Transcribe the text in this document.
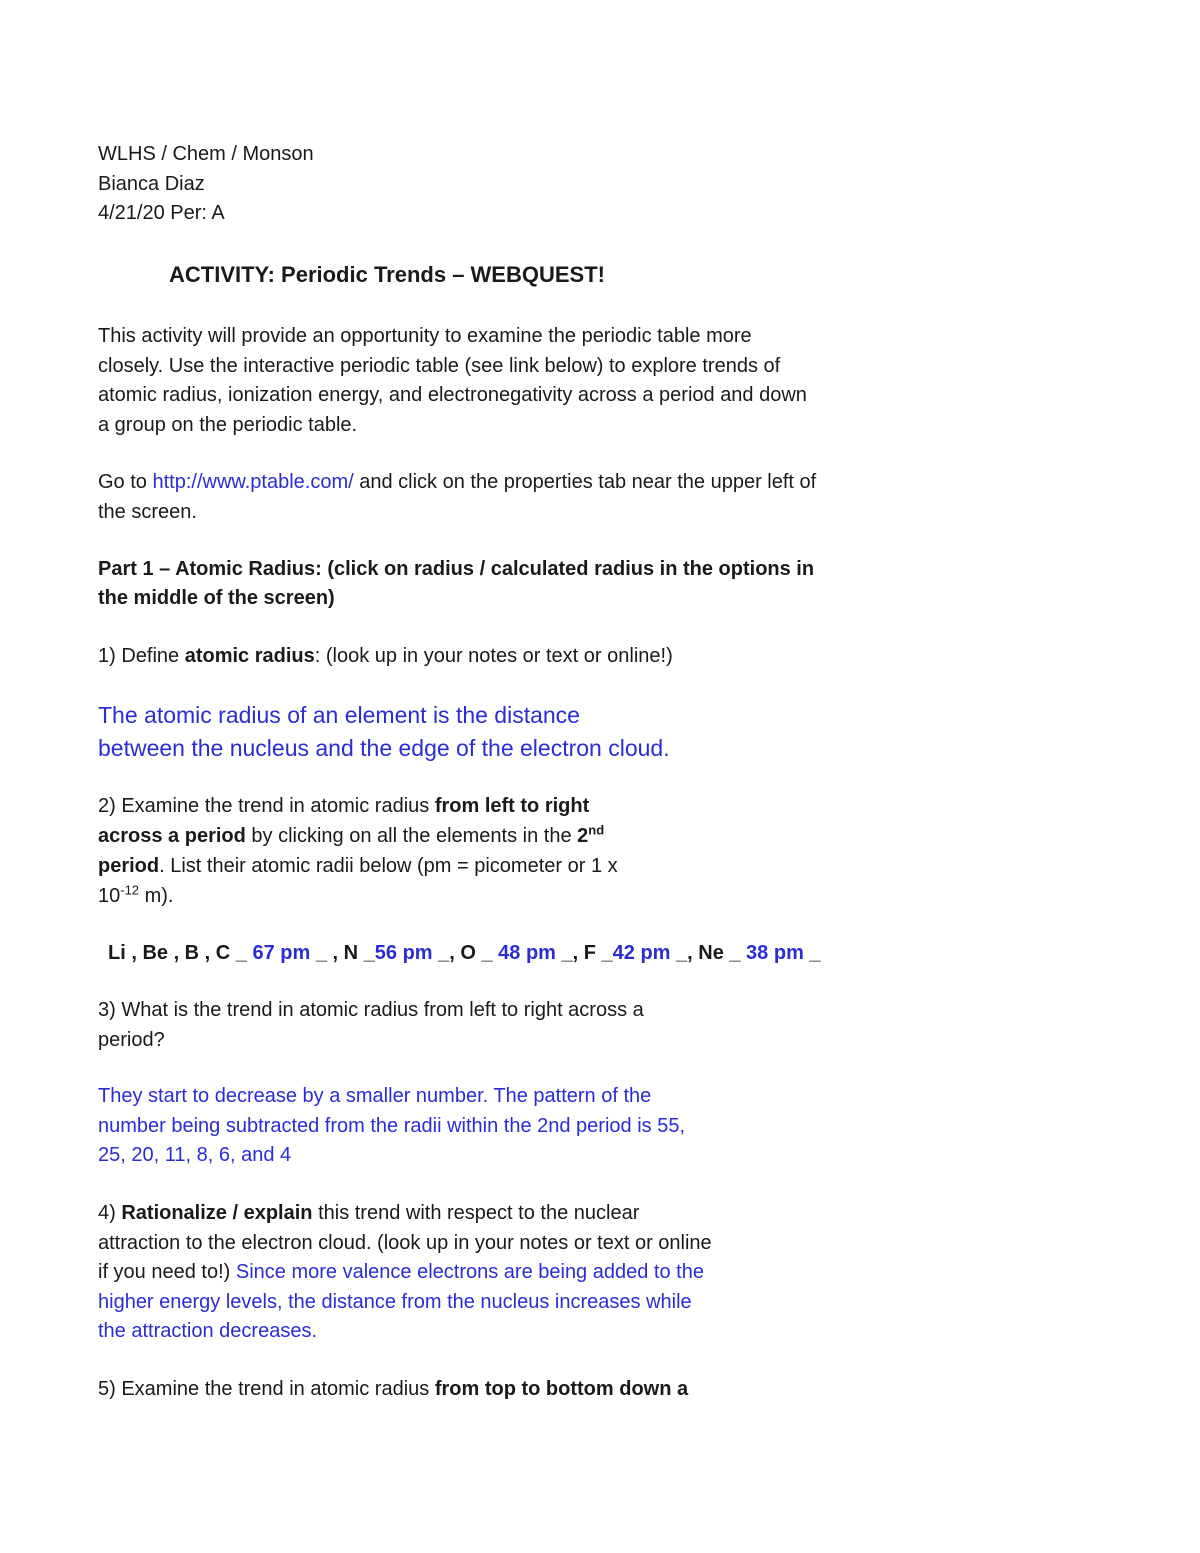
WLHS / Chem / Monson
Bianca Diaz
4/21/20 Per: A
ACTIVITY: Periodic Trends – WEBQUEST!
This activity will provide an opportunity to examine the periodic table more
closely. Use the interactive periodic table (see link below) to explore trends of
atomic radius, ionization energy, and electronegativity across a period and down
a group on the periodic table.
Go to http://www.ptable.com/ and click on the properties tab near the upper left of
the screen.
Part 1 – Atomic Radius: (click on radius / calculated radius in the options in
the middle of the screen)
1) Define atomic radius: (look up in your notes or text or online!)
The atomic radius of an element is the distance
between the nucleus and the edge of the electron cloud.
2) Examine the trend in atomic radius from left to right
across a period by clicking on all the elements in the 2nd
period. List their atomic radii below (pm = picometer or 1 x
$10^{-12}$ m).
Li , Be , B , C _ 67 pm _ , N _56 pm _, O _ 48 pm _, F _42 pm _, Ne _ 38 pm _
3) What is the trend in atomic radius from left to right across a
period?
They start to decrease by a smaller number. The pattern of the
number being subtracted from the radii within the 2nd period is 55,
25, 20, 11, 8, 6, and 4
4) Rationalize / explain this trend with respect to the nuclear
attraction to the electron cloud. (look up in your notes or text or online
if you need to!) Since more valence electrons are being added to the
higher energy levels, the distance from the nucleus increases while
the attraction decreases.
5) Examine the trend in atomic radius from top to bottom down a
